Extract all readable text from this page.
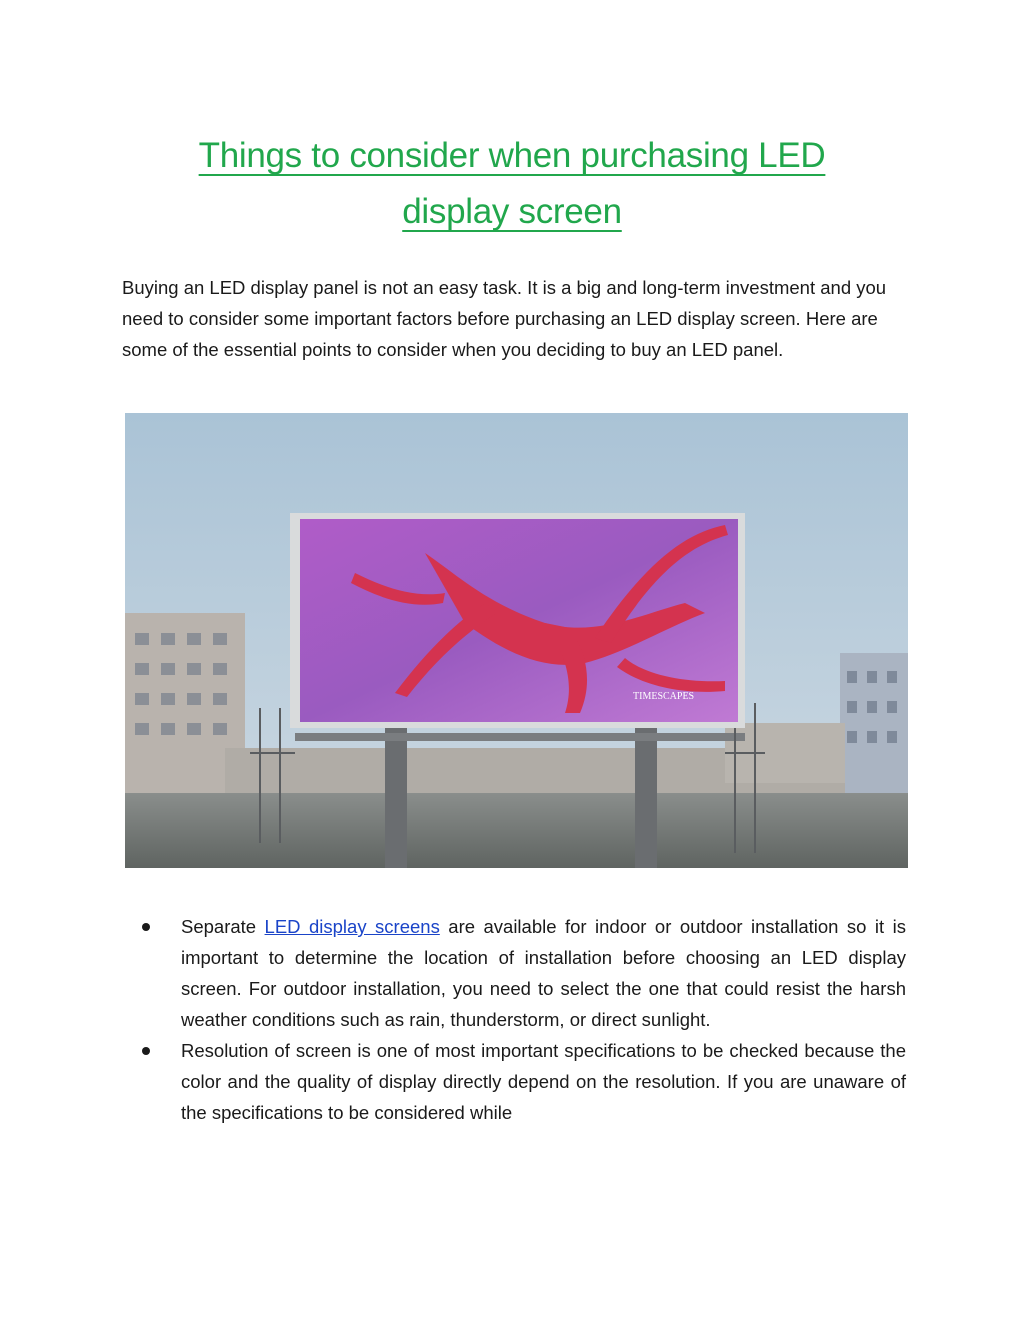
Things to consider when purchasing LED
display screen

Buying an LED display panel is not an easy task. It is a big and long-term investment and you need to consider some important factors before purchasing an LED display screen. Here are some of the essential points to consider when you deciding to buy an LED panel.

TIMESCAPES
Separate LED display screens are available for indoor or outdoor installation so it is important to determine the location of installation before choosing an LED display screen. For outdoor installation, you need to select the one that could resist the harsh weather conditions such as rain, thunderstorm, or direct sunlight.
Resolution of screen is one of most important specifications to be checked because the color and the quality of display directly depend on the resolution. If you are unaware of the specifications to be considered while
